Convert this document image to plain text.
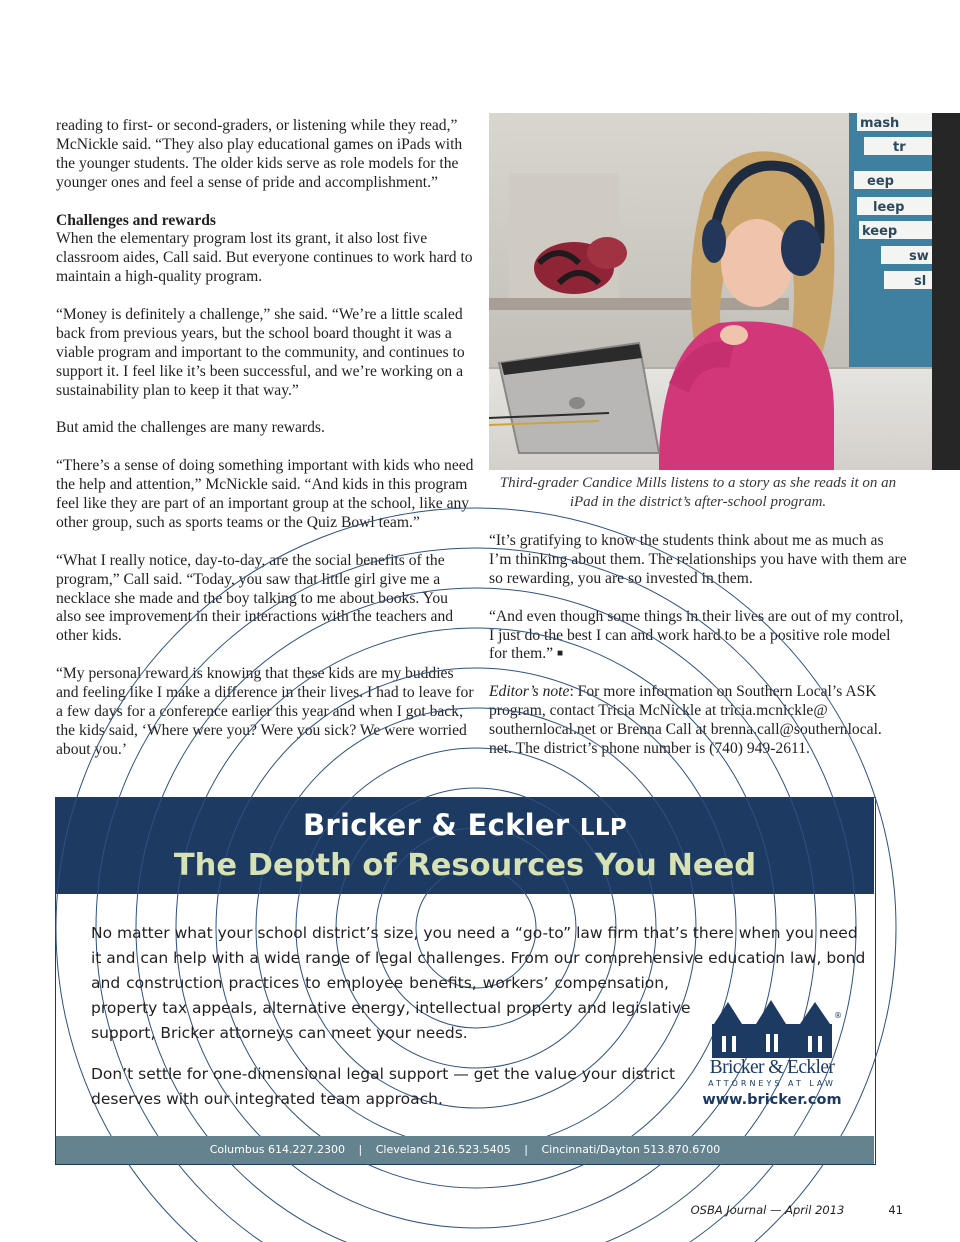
reading to first- or second-graders, or listening while they read,” McNickle said. “They also play educational games on iPads with the younger students. The older kids serve as role models for the younger ones and feel a sense of pride and accomplishment.”

Challenges and rewards
When the elementary program lost its grant, it also lost five classroom aides, Call said. But everyone continues to work hard to maintain a high-quality program.

“Money is definitely a challenge,” she said. “We’re a little scaled back from previous years, but the school board thought it was a viable program and important to the community, and continues to support it. I feel like it’s been successful, and we’re working on a sustainability plan to keep it that way.”

But amid the challenges are many rewards.

“There’s a sense of doing something important with kids who need the help and attention,” McNickle said. “And kids in this program feel like they are part of an important group at the school, like any other group, such as sports teams or the Quiz Bowl team.”

“What I really notice, day-to-day, are the social benefits of the program,” Call said. “Today, you saw that little girl give me a necklace she made and the boy talking to me about books. You also see improvement in their interactions with the teachers and other kids.

“My personal reward is knowing that these kids are my buddies and feeling like I make a difference in their lives. I had to leave for a few days for a conference earlier this year and when I got back, the kids said, ‘Where were you? Were you sick? We were worried about you.’

mash
tr
eep
leep
keep
sw
sl
Third-grader Candice Mills listens to a story as she reads it on an iPad in the district’s after-school program.

“It’s gratifying to know the students think about me as much as I’m thinking about them. The relationships you have with them are so rewarding, you are so invested in them.

“And even though some things in their lives are out of my control, I just do the best I can and work hard to be a positive role model for them.” ■

Editor’s note: For more information on Southern Local’s ASK program, contact Tricia McNickle at tricia.mcnickle@ southernlocal.net or Brenna Call at brenna.call@southernlocal. net. The district’s phone number is (740) 949-2611.

Bricker & Eckler LLP
The Depth of Resources You Need
No matter what your school district’s size, you need a “go-to” law firm that’s there when you need
it and can help with a wide range of legal challenges. From our comprehensive education law, bond
and construction practices to employee benefits, workers’ compensation,
property tax appeals, alternative energy, intellectual property and legislative
support, Bricker attorneys can meet your needs.
Don’t settle for one-dimensional legal support — get the value your district
deserves with our integrated team approach.
®
Bricker & Eckler
ATTORNEYS AT LAW
www.bricker.com
Columbus 614.227.2300 | Cleveland 216.523.5405 | Cincinnati/Dayton 513.870.6700
OSBA Journal — April 2013	41
